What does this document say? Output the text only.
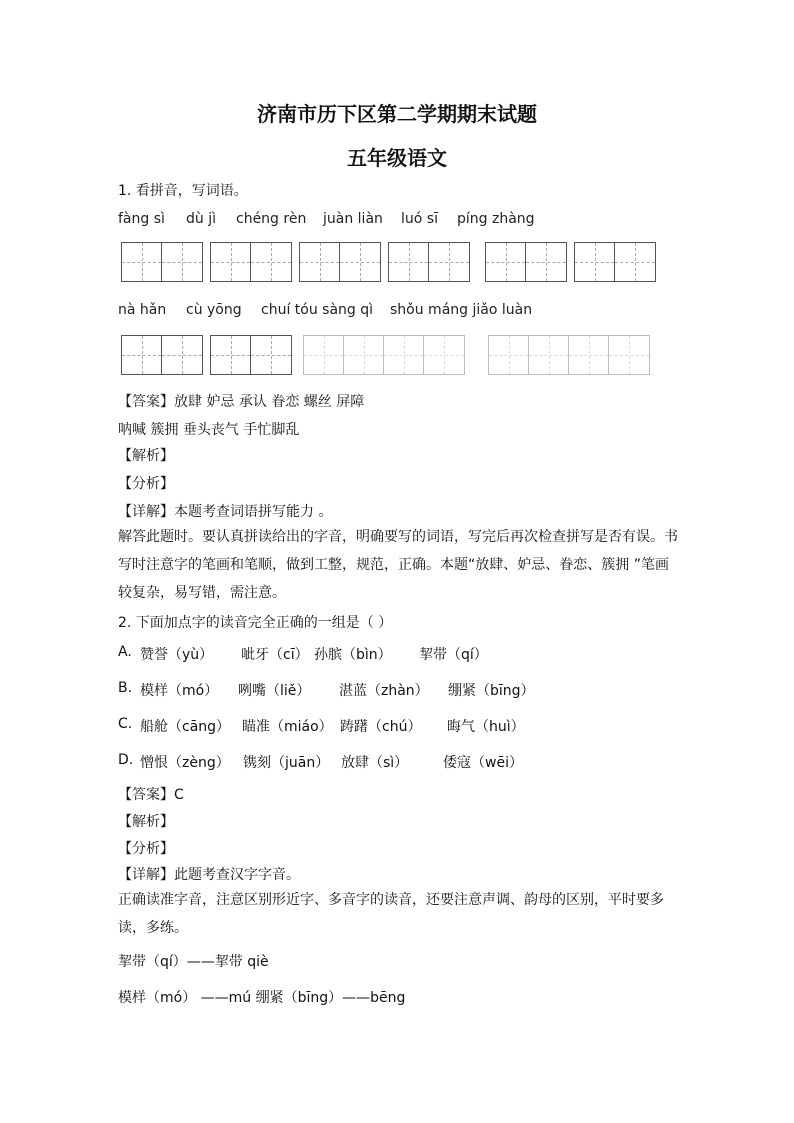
济南市历下区第二学期期末试题
五年级语文
1. 看拼音，写词语。
fàng sì dù jì chéng rèn juàn liàn luó sī píng zhàng
nà hǎn cù yōng chuí tóu sàng qì shǒu máng jiǎo luàn
【答案】放肆 妒忌 承认 眷恋 螺丝 屏障
呐喊 簇拥 垂头丧气 手忙脚乱
【解析】
【分析】
【详解】本题考查词语拼写能力 。
解答此题时。要认真拼读给出的字音，明确要写的词语，写完后再次检查拼写是否有误。书写时注意字的笔画和笔顺，做到工整，规范，正确。本题“放肆、妒忌、眷恋、簇拥 ”笔画较复杂，易写错，需注意。
2. 下面加点字的读音完全正确的一组是（ ）
A. 赞誉（yù） 呲牙（cī） 孙膑（bìn） 挈带（qí）
B. 模样（mó） 咧嘴（liě） 湛蓝（zhàn） 绷紧（bīng）
C. 船舱（cāng） 瞄准（miáo） 踌躇（chú） 晦气（huì）
D. 憎恨（zèng） 镌刻（juān） 放肆（sì） 倭寇（wēi）
【答案】C
【解析】
【分析】
【详解】此题考查汉字字音。
正确读准字音，注意区别形近字、多音字的读音，还要注意声调、韵母的区别，平时要多读，多练。
挈带（qí）——挈带 qiè
模样（mó） ——mú 绷紧（bīng）——bēng
